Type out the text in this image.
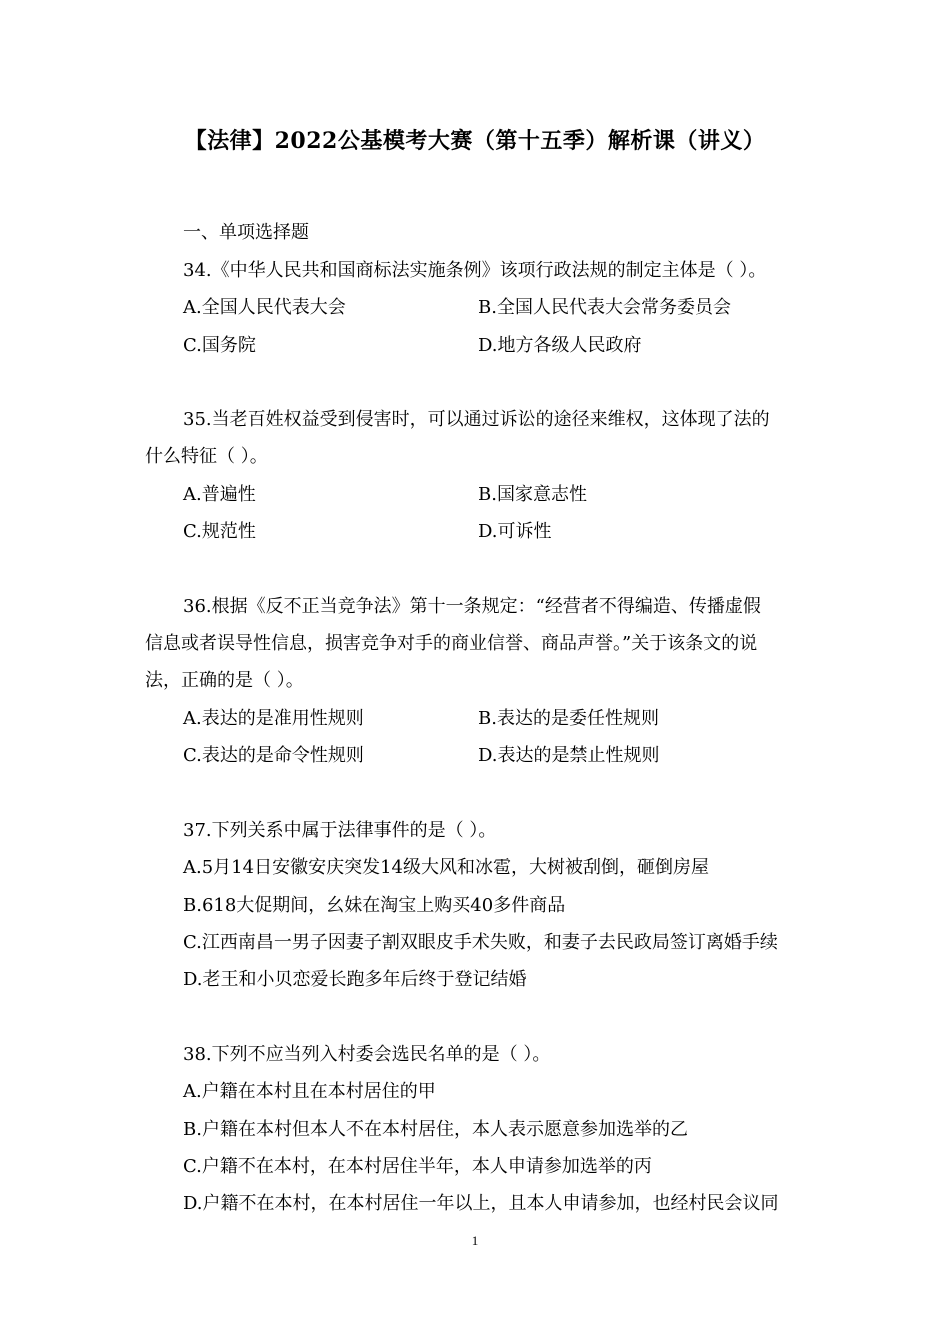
【法律】2022公基模考大赛（第十五季）解析课（讲义）
一、单项选择题
34.《中华人民共和国商标法实施条例》该项行政法规的制定主体是（ ）。
A.全国人民代表大会	B.全国人民代表大会常务委员会
C.国务院	D.地方各级人民政府
35.当老百姓权益受到侵害时，可以通过诉讼的途径来维权，这体现了法的
什么特征（ ）。
A.普遍性	B.国家意志性
C.规范性	D.可诉性
36.根据《反不正当竞争法》第十一条规定：“经营者不得编造、传播虚假
信息或者误导性信息，损害竞争对手的商业信誉、商品声誉。”关于该条文的说
法，正确的是（ ）。
A.表达的是准用性规则	B.表达的是委任性规则
C.表达的是命令性规则	D.表达的是禁止性规则
37.下列关系中属于法律事件的是（ ）。
A.5月14日安徽安庆突发14级大风和冰雹，大树被刮倒，砸倒房屋
B.618大促期间，幺妹在淘宝上购买40多件商品
C.江西南昌一男子因妻子割双眼皮手术失败，和妻子去民政局签订离婚手续
D.老王和小贝恋爱长跑多年后终于登记结婚
38.下列不应当列入村委会选民名单的是（ ）。
A.户籍在本村且在本村居住的甲
B.户籍在本村但本人不在本村居住，本人表示愿意参加选举的乙
C.户籍不在本村，在本村居住半年，本人申请参加选举的丙
D.户籍不在本村，在本村居住一年以上，且本人申请参加，也经村民会议同
1
